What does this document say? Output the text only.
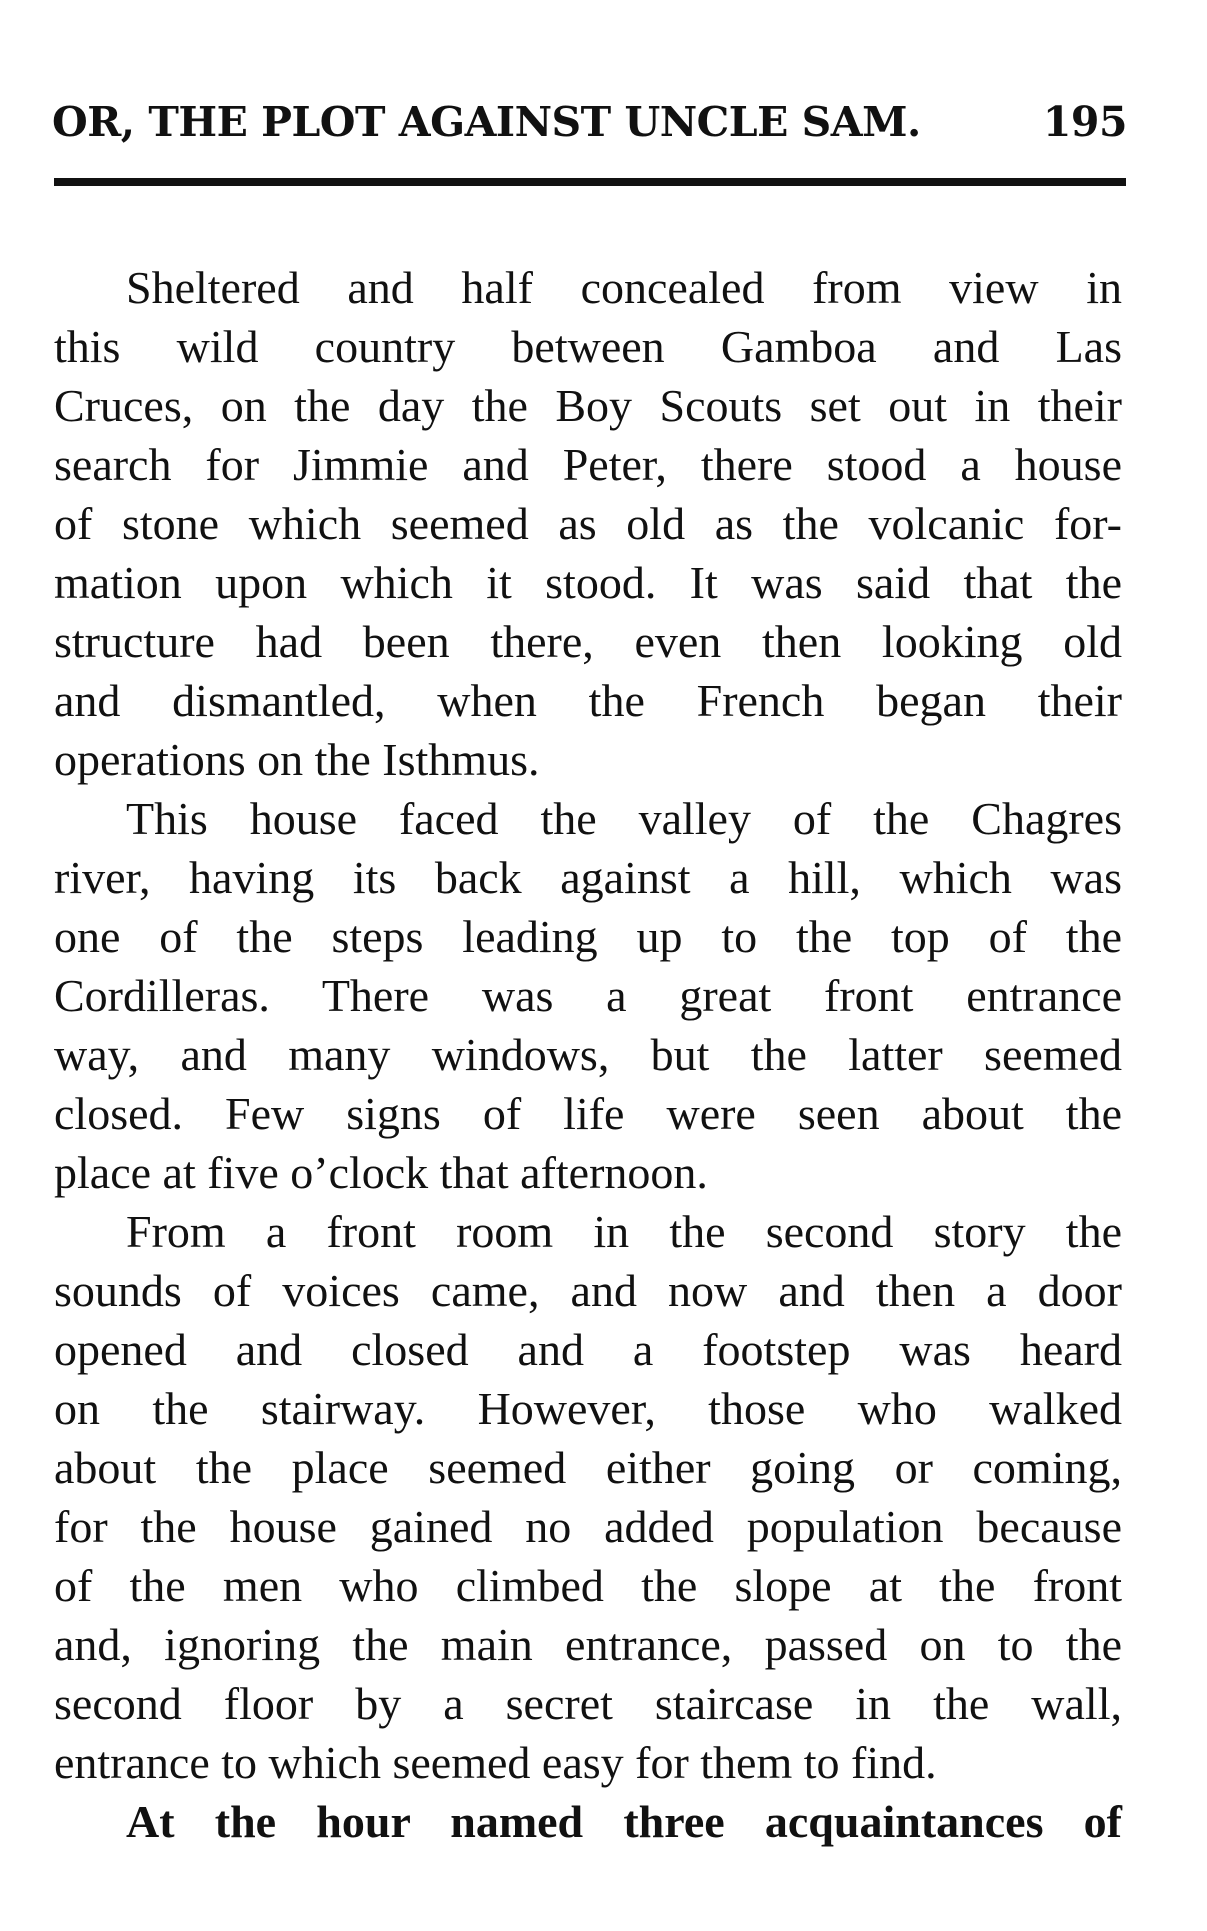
OR, THE PLOT AGAINST UNCLE SAM.	195
Sheltered and half concealed from view in
this wild country between Gamboa and Las
Cruces, on the day the Boy Scouts set out in their
search for Jimmie and Peter, there stood a house
of stone which seemed as old as the volcanic for-
mation upon which it stood. It was said that the
structure had been there, even then looking old
and dismantled, when the French began their
operations on the Isthmus.
This house faced the valley of the Chagres
river, having its back against a hill, which was
one of the steps leading up to the top of the
Cordilleras. There was a great front entrance
way, and many windows, but the latter seemed
closed. Few signs of life were seen about the
place at five o’clock that afternoon.
From a front room in the second story the
sounds of voices came, and now and then a door
opened and closed and a footstep was heard
on the stairway. However, those who walked
about the place seemed either going or coming,
for the house gained no added population because
of the men who climbed the slope at the front
and, ignoring the main entrance, passed on to the
second floor by a secret staircase in the wall,
entrance to which seemed easy for them to find.
At the hour named three acquaintances of
